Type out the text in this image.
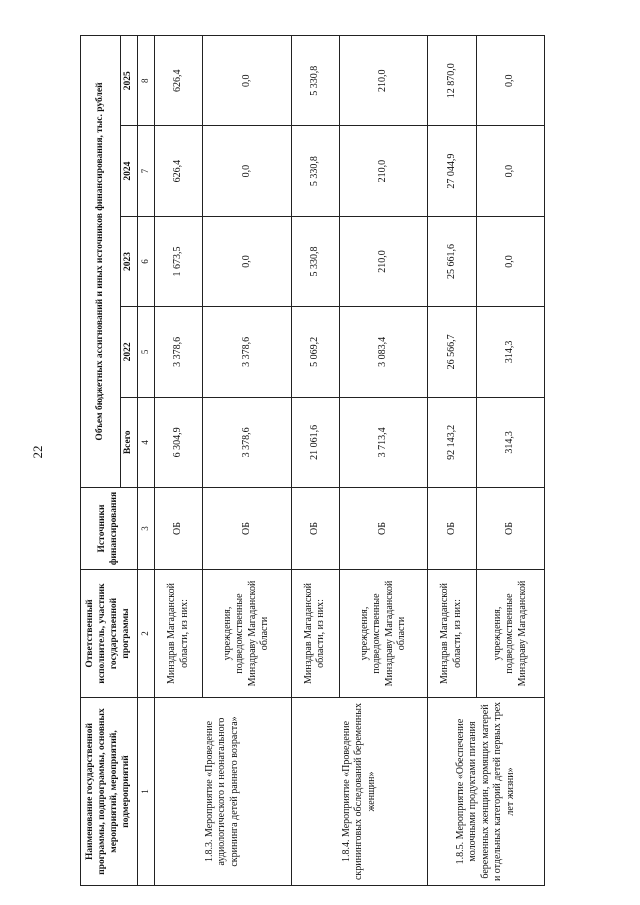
22
Наименование государственной программы, подпрограммы, основных мероприятий, мероприятий, подмероприятий	Ответственный исполнитель, участник государственной программы	Источники финансирования	Объем бюджетных ассигнований и иных источников финансирования, тыс. рублей				
			Всего	2022	2023	2024	2025
1	2	3	4	5	6	7	8
1.8.3. Мероприятие «Проведение аудиологического и неонатального скрининга детей раннего возраста»	Минздрав Магаданской области, из них:	ОБ	6 304,9	3 378,6	1 673,5	626,4	626,4
	учреждения, подведомственные Минздраву Магаданской области	ОБ	3 378,6	3 378,6	0,0	0,0	0,0
1.8.4. Мероприятие «Проведение скрининговых обследований беременных женщин»	Минздрав Магаданской области, из них:	ОБ	21 061,6	5 069,2	5 330,8	5 330,8	5 330,8
	учреждения, подведомственные Минздраву Магаданской области	ОБ	3 713,4	3 083,4	210,0	210,0	210,0
1.8.5. Мероприятие «Обеспечение молочными продуктами питания беременных женщин, кормящих матерей и отдельных категорий детей первых трех лет жизни»	Минздрав Магаданской области, из них:	ОБ	92 143,2	26 566,7	25 661,6	27 044,9	12 870,0
	учреждения, подведомственные Минздраву Магаданской	ОБ	314,3	314,3	0,0	0,0	0,0
